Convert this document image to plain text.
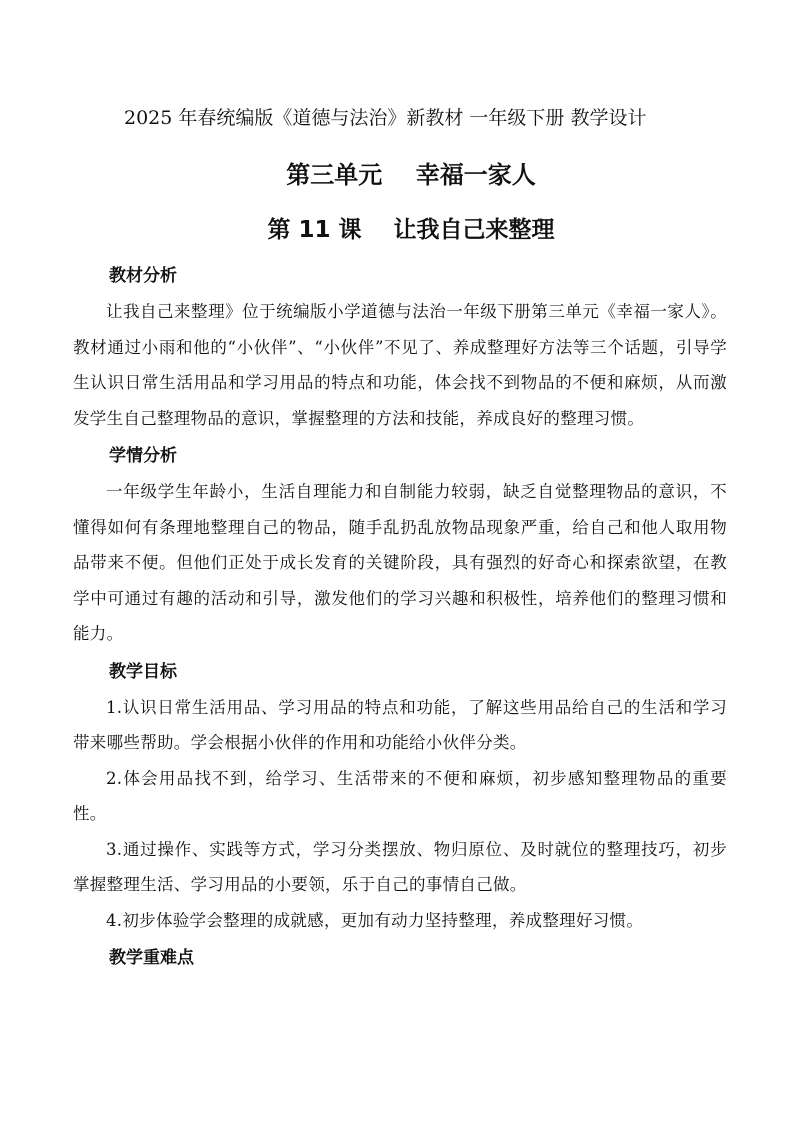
2025 年春统编版《道德与法治》新教材 一年级下册 教学设计
第三单元    幸福一家人
第 11 课    让我自己来整理
教材分析

让我自己来整理》位于统编版小学道德与法治一年级下册第三单元《幸福一家人》。教材通过小雨和他的“小伙伴”、“小伙伴”不见了、养成整理好方法等三个话题，引导学生认识日常生活用品和学习用品的特点和功能，体会找不到物品的不便和麻烦，从而激发学生自己整理物品的意识，掌握整理的方法和技能，养成良好的整理习惯。

学情分析

一年级学生年龄小，生活自理能力和自制能力较弱，缺乏自觉整理物品的意识，不懂得如何有条理地整理自己的物品，随手乱扔乱放物品现象严重，给自己和他人取用物品带来不便。但他们正处于成长发育的关键阶段，具有强烈的好奇心和探索欲望，在教学中可通过有趣的活动和引导，激发他们的学习兴趣和积极性，培养他们的整理习惯和能力。

教学目标

1.认识日常生活用品、学习用品的特点和功能，了解这些用品给自己的生活和学习带来哪些帮助。学会根据小伙伴的作用和功能给小伙伴分类。

2.体会用品找不到，给学习、生活带来的不便和麻烦，初步感知整理物品的重要性。

3.通过操作、实践等方式，学习分类摆放、物归原位、及时就位的整理技巧，初步掌握整理生活、学习用品的小要领，乐于自己的事情自己做。

4.初步体验学会整理的成就感，更加有动力坚持整理，养成整理好习惯。

教学重难点
